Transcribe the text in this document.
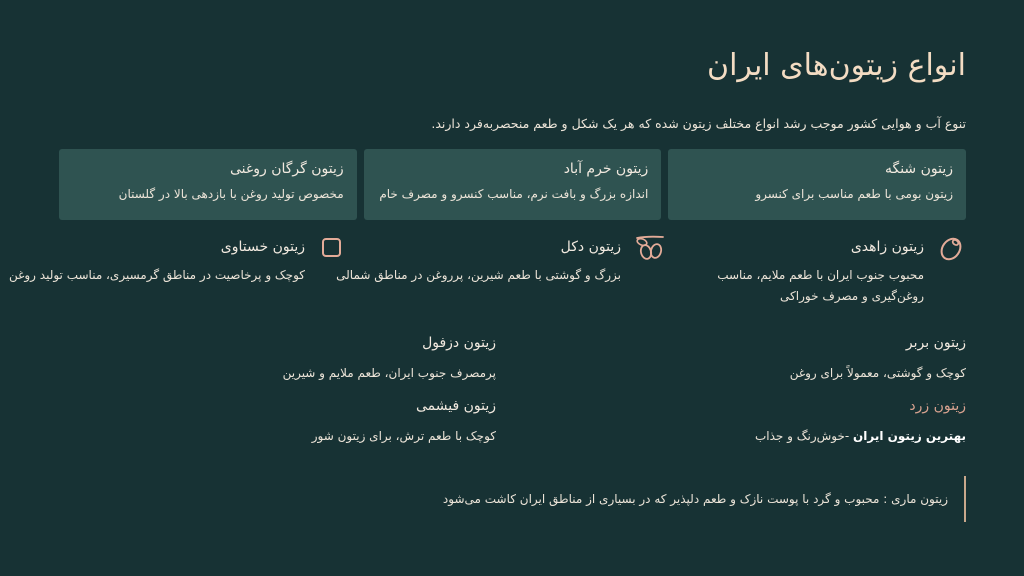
انواع زیتون‌های ایران
تنوع آب و هوایی کشور موجب رشد انواع مختلف زیتون شده که هر یک شکل و طعم منحصربه‌فرد دارند.
زیتون شنگه
زیتون بومی با طعم مناسب برای کنسرو
زیتون خرم آباد
اندازه بزرگ و بافت نرم، مناسب کنسرو و مصرف خام
زیتون گرگان روغنی
مخصوص تولید روغن با بازدهی بالا در گلستان
زیتون زاهدی
محبوب جنوب ایران با طعم ملایم، مناسب روغن‌گیری و مصرف خوراکی
زیتون دکل
بزرگ و گوشتی با طعم شیرین، پرروغن در مناطق شمالی
زیتون خستاوی
کوچک و پرخاصیت در مناطق گرمسیری، مناسب تولید روغن
زیتون بربر
کوچک و گوشتی، معمولاً برای روغن
زیتون زرد
بهترین زیتون ایران -خوش‌رنگ و جذاب
زیتون دزفول
پرمصرف جنوب ایران، طعم ملایم و شیرین
زیتون فیشمی
کوچک با طعم ترش، برای زیتون شور
زیتون ماری : محبوب و گرد با پوست نازک و طعم دلپذیر که در بسیاری از مناطق ایران کاشت می‌شود
